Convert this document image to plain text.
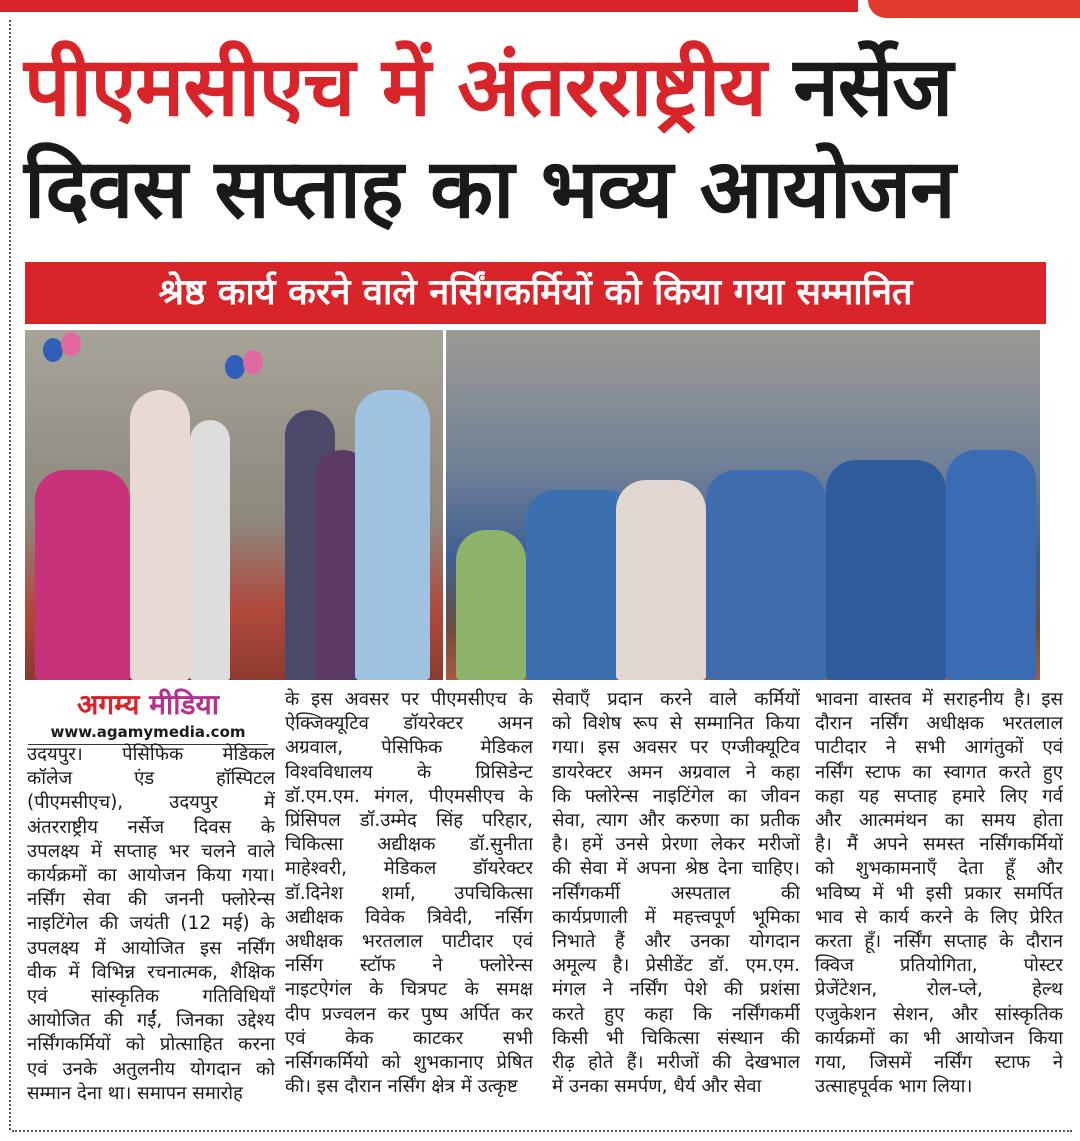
पीएमसीएच में अंतरराष्ट्रीय नर्सेज
दिवस सप्ताह का भव्य आयोजन
श्रेष्ठ कार्य करने वाले नर्सिंगकर्मियों को किया गया सम्मानित
अगम्य मीडिया
www.agamymedia.com
उदयपुर। पेसिफिक मेडिकल
कॉलेज एंड हॉस्पिटल
(पीएमसीएच), उदयपुर में
अंतरराष्ट्रीय नर्सेज दिवस के
उपलक्ष्य में सप्ताह भर चलने वाले
कार्यक्रमों का आयोजन किया गया।
नर्सिंग सेवा की जननी फ्लोरेन्स
नाइटिंगेल की जयंती (12 मई) के
उपलक्ष्य में आयोजित इस नर्सिंग
वीक में विभिन्न रचनात्मक, शैक्षिक
एवं सांस्कृतिक गतिविधियाँ
आयोजित की गईं, जिनका उद्देश्य
नर्सिंगकर्मियों को प्रोत्साहित करना
एवं उनके अतुलनीय योगदान को
सम्मान देना था। समापन समारोह
के इस अवसर पर पीएमसीएच के
ऐक्जिक्यूटिव डॉयरेक्टर अमन
अग्रवाल, पेसिफिक मेडिकल
विश्वविधालय के प्रिसिडेन्ट
डॉ.एम.एम. मंगल, पीएमसीएच के
प्रिंसिपल डॉ.उम्मेद सिंह परिहार,
चिकित्सा अद्यीक्षक डॉ.सुनीता
माहेश्वरी, मेडिकल डॉयरेक्टर
डॉ.दिनेश शर्मा, उपचिकित्सा
अद्यीक्षक विवेक त्रिवेदी, नर्सिग
अधीक्षक भरतलाल पाटीदार एवं
नर्सिग स्टॉफ ने फ्लोरेन्स
नाइटऐगंल के चित्रपट के समक्ष
दीप प्रज्वलन कर पुष्प अर्पित कर
एवं केक काटकर सभी
नर्सिगकर्मियो को शुभकानाए प्रेषित
की। इस दौरान नर्सिंग क्षेत्र में उत्कृष्ट
सेवाएँ प्रदान करने वाले कर्मियों
को विशेष रूप से सम्मानित किया
गया। इस अवसर पर एग्जीक्यूटिव
डायरेक्टर अमन अग्रवाल ने कहा
कि फ्लोरेन्स नाइटिंगेल का जीवन
सेवा, त्याग और करुणा का प्रतीक
है। हमें उनसे प्रेरणा लेकर मरीजों
की सेवा में अपना श्रेष्ठ देना चाहिए।
नर्सिंगकर्मी अस्पताल की
कार्यप्रणाली में महत्त्वपूर्ण भूमिका
निभाते हैं और उनका योगदान
अमूल्य है। प्रेसीडेंट डॉ. एम.एम.
मंगल ने नर्सिंग पेशे की प्रशंसा
करते हुए कहा कि नर्सिंगकर्मी
किसी भी चिकित्सा संस्थान की
रीढ़ होते हैं। मरीजों की देखभाल
में उनका समर्पण, धैर्य और सेवा
भावना वास्तव में सराहनीय है। इस
दौरान नर्सिंग अधीक्षक भरतलाल
पाटीदार ने सभी आगंतुकों एवं
नर्सिंग स्टाफ का स्वागत करते हुए
कहा यह सप्ताह हमारे लिए गर्व
और आत्ममंथन का समय होता
है। मैं अपने समस्त नर्सिंगकर्मियों
को शुभकामनाएँ देता हूँ और
भविष्य में भी इसी प्रकार समर्पित
भाव से कार्य करने के लिए प्रेरित
करता हूँ। नर्सिंग सप्ताह के दौरान
क्विज प्रतियोगिता, पोस्टर
प्रेजेंटेशन, रोल-प्ले, हेल्थ
एजुकेशन सेशन, और सांस्कृतिक
कार्यक्रमों का भी आयोजन किया
गया, जिसमें नर्सिंग स्टाफ ने
उत्साहपूर्वक भाग लिया।
